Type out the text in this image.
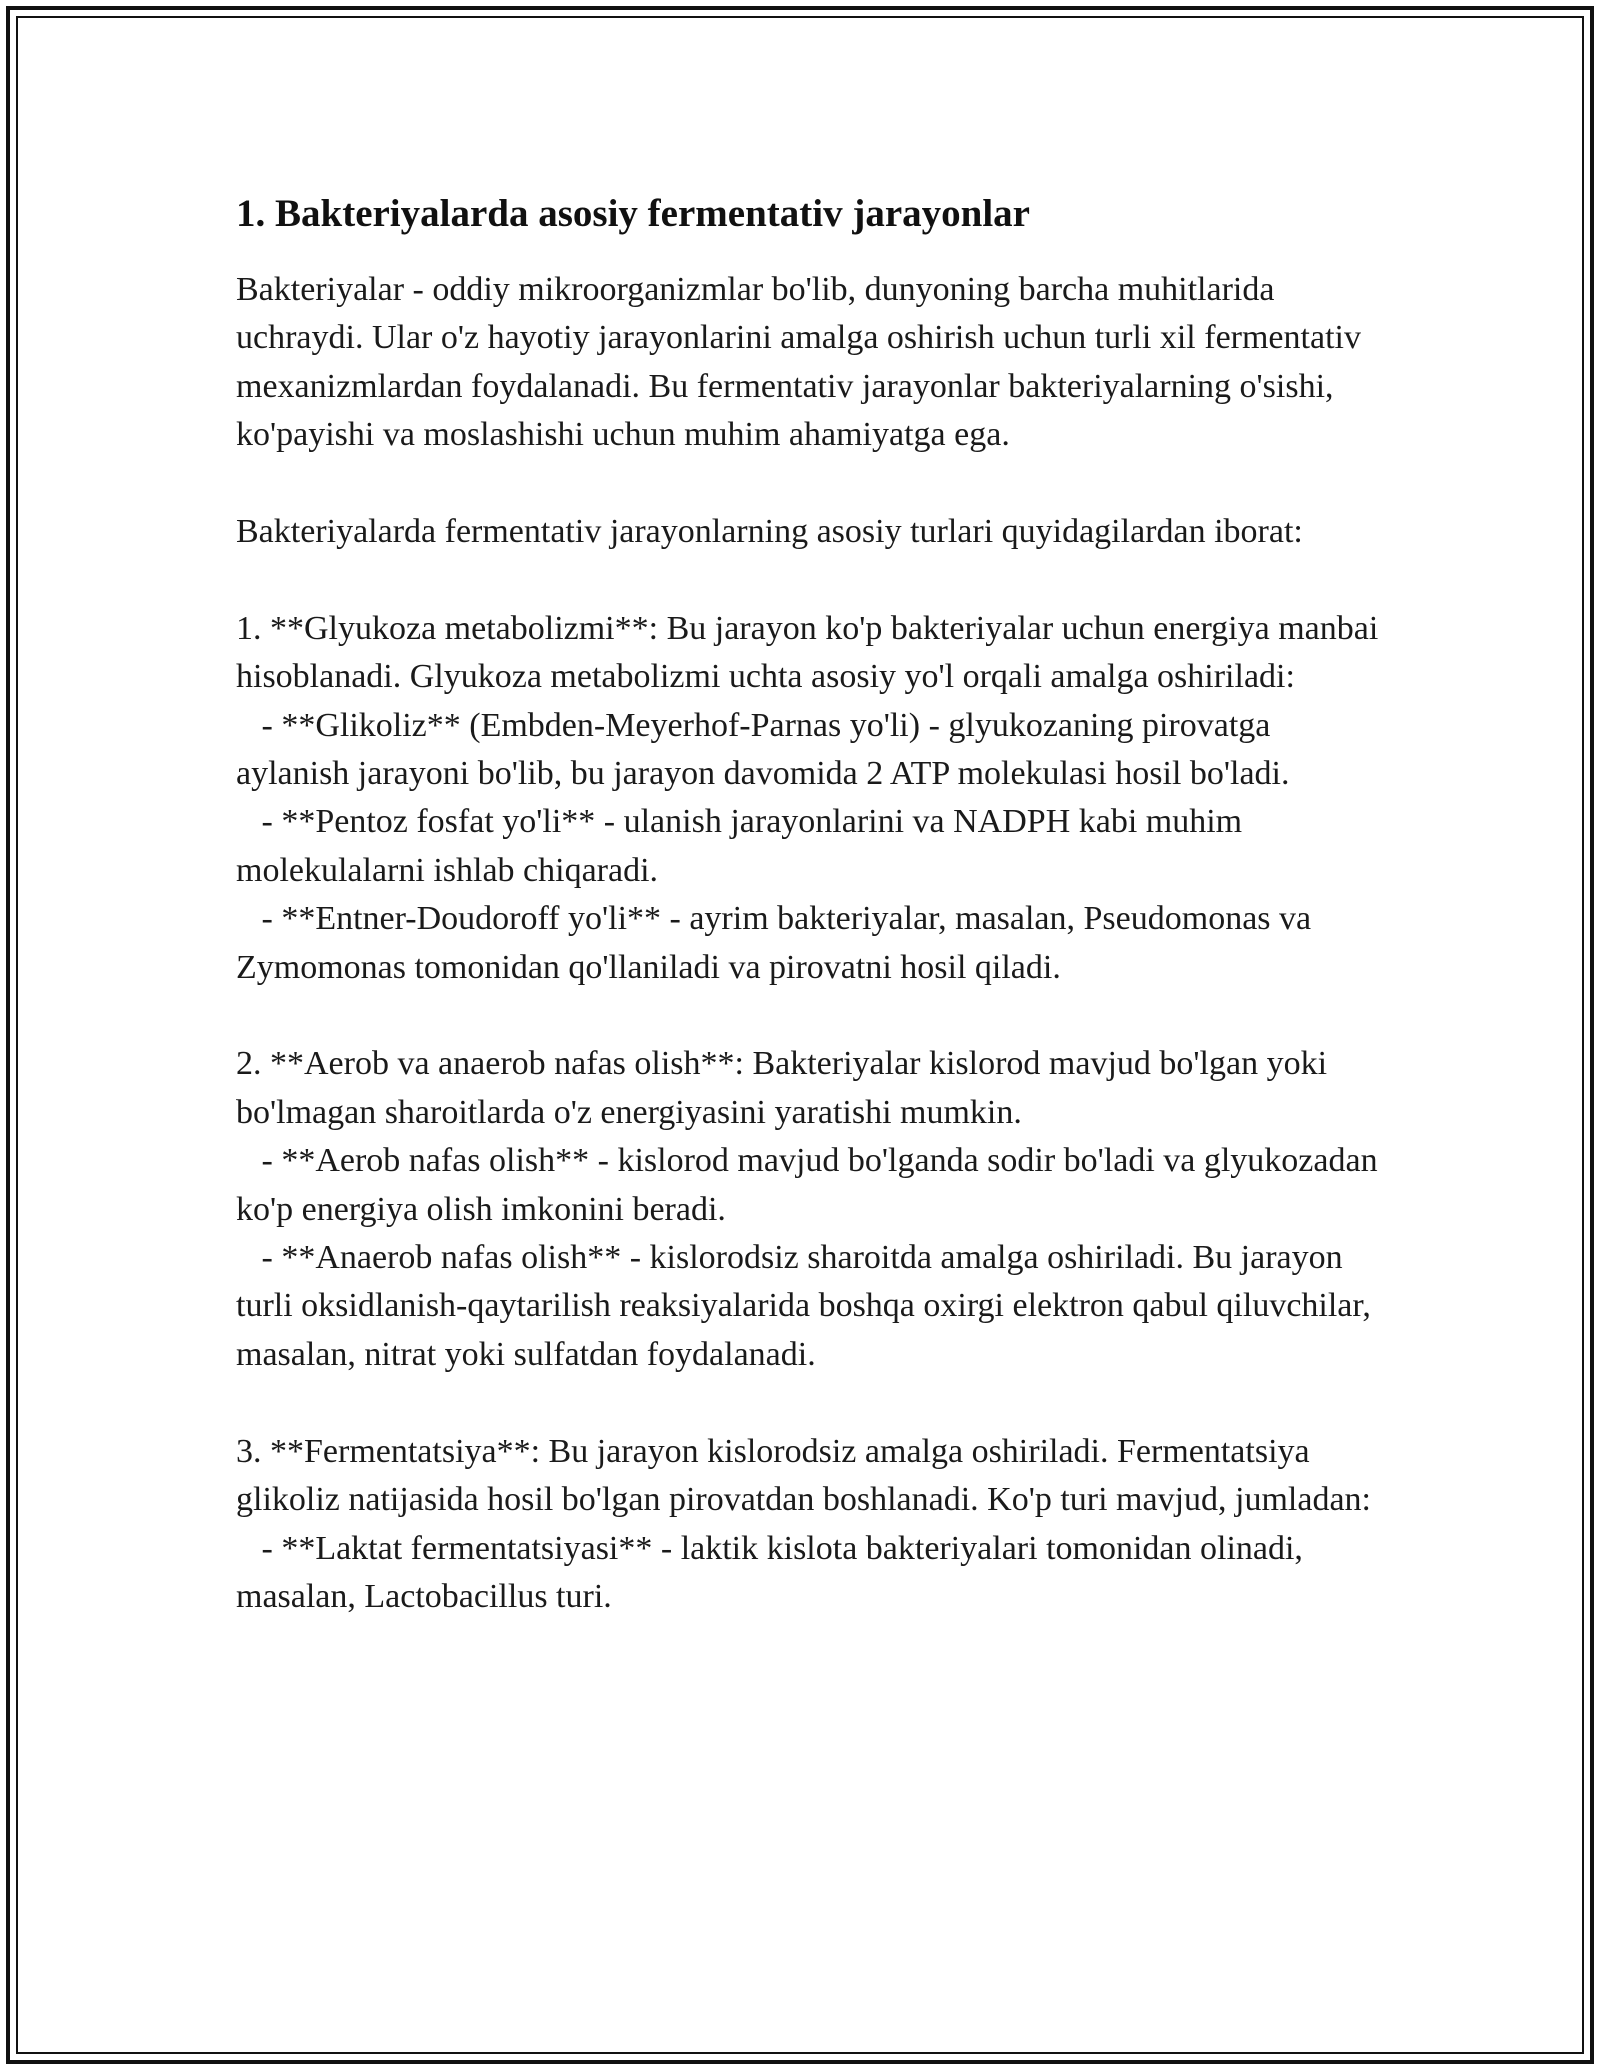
1. Bakteriyalarda asosiy fermentativ jarayonlar

Bakteriyalar - oddiy mikroorganizmlar bo'lib, dunyoning barcha muhitlarida uchraydi. Ular o'z hayotiy jarayonlarini amalga oshirish uchun turli xil fermentativ mexanizmlardan foydalanadi. Bu fermentativ jarayonlar bakteriyalarning o'sishi, ko'payishi va moslashishi uchun muhim ahamiyatga ega.

Bakteriyalarda fermentativ jarayonlarning asosiy turlari quyidagilardan iborat:

1. **Glyukoza metabolizmi**: Bu jarayon ko'p bakteriyalar uchun energiya manbai hisoblanadi. Glyukoza metabolizmi uchta asosiy yo'l orqali amalga oshiriladi:
- **Glikoliz** (Embden-Meyerhof-Parnas yo'li) - glyukozaning pirovatga aylanish jarayoni bo'lib, bu jarayon davomida 2 ATP molekulasi hosil bo'ladi.
- **Pentoz fosfat yo'li** - ulanish jarayonlarini va NADPH kabi muhim molekulalarni ishlab chiqaradi.
- **Entner-Doudoroff yo'li** - ayrim bakteriyalar, masalan, Pseudomonas va Zymomonas tomonidan qo'llaniladi va pirovatni hosil qiladi.

2. **Aerob va anaerob nafas olish**: Bakteriyalar kislorod mavjud bo'lgan yoki bo'lmagan sharoitlarda o'z energiyasini yaratishi mumkin.
- **Aerob nafas olish** - kislorod mavjud bo'lganda sodir bo'ladi va glyukozadan ko'p energiya olish imkonini beradi.
- **Anaerob nafas olish** - kislorodsiz sharoitda amalga oshiriladi. Bu jarayon turli oksidlanish-qaytarilish reaksiyalarida boshqa oxirgi elektron qabul qiluvchilar, masalan, nitrat yoki sulfatdan foydalanadi.

3. **Fermentatsiya**: Bu jarayon kislorodsiz amalga oshiriladi. Fermentatsiya glikoliz natijasida hosil bo'lgan pirovatdan boshlanadi. Ko'p turi mavjud, jumladan:
- **Laktat fermentatsiyasi** - laktik kislota bakteriyalari tomonidan olinadi, masalan, Lactobacillus turi.
